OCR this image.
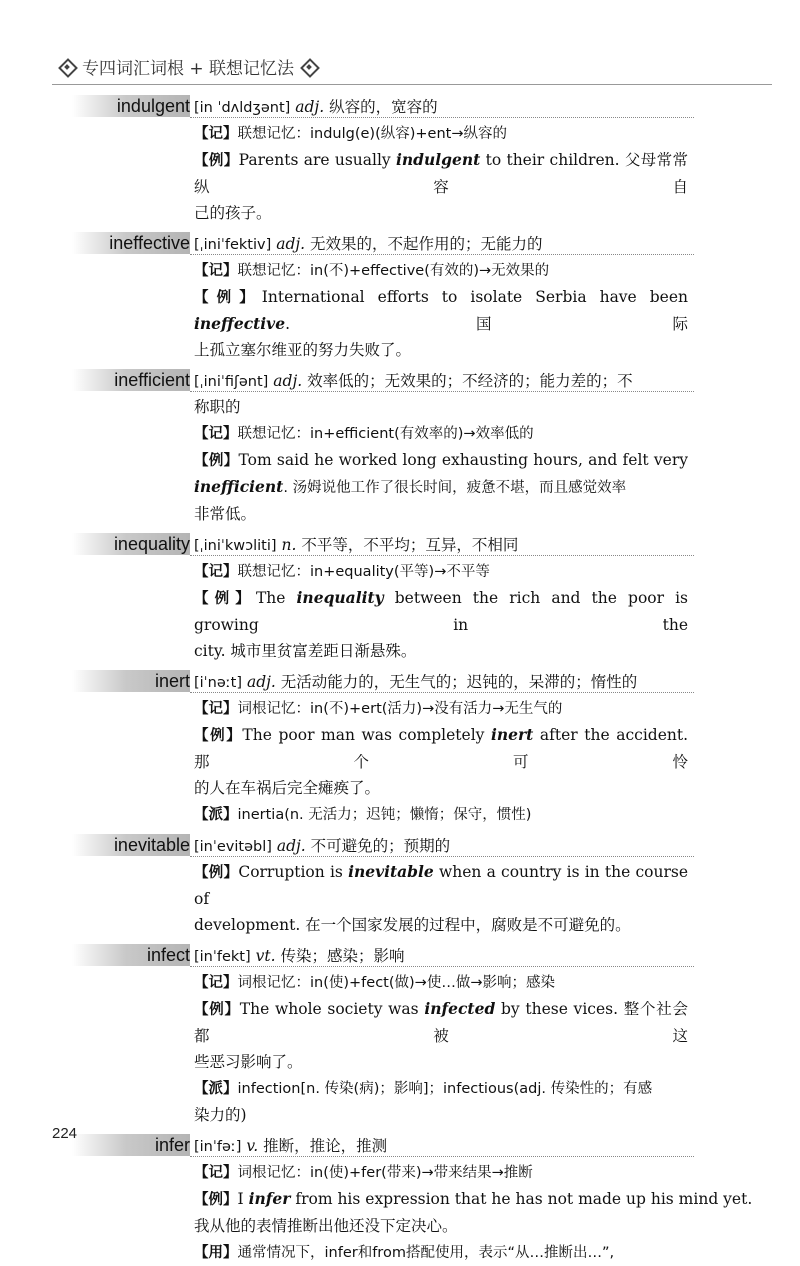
专四词汇词根 + 联想记忆法
indulgent [in ˈdʌldʒənt] adj. 纵容的，宽容的
【记】联想记忆：indulg(e)(纵容)+ent→纵容的
【例】Parents are usually indulgent to their children. 父母常常纵容自
己的孩子。
ineffective [ˌiniˈfektiv] adj. 无效果的，不起作用的；无能力的
【记】联想记忆：in(不)+effective(有效的)→无效果的
【例】International efforts to isolate Serbia have been ineffective. 国际
上孤立塞尔维亚的努力失败了。
inefficient [ˌiniˈfiʃənt] adj. 效率低的；无效果的；不经济的；能力差的；不
称职的
【记】联想记忆：in+efficient(有效率的)→效率低的
【例】Tom said he worked long exhausting hours, and felt very
inefficient. 汤姆说他工作了很长时间，疲惫不堪，而且感觉效率
非常低。
inequality [ˌiniˈkwɔliti] n. 不平等，不平均；互异，不相同
【记】联想记忆：in+equality(平等)→不平等
【例】The inequality between the rich and the poor is growing in the
city. 城市里贫富差距日渐悬殊。
inert [iˈnəːt] adj. 无活动能力的，无生气的；迟钝的，呆滞的；惰性的
【记】词根记忆：in(不)+ert(活力)→没有活力→无生气的
【例】The poor man was completely inert after the accident. 那个可怜
的人在车祸后完全瘫痪了。
【派】inertia(n. 无活力；迟钝；懒惰；保守，惯性)
inevitable [inˈevitəbl] adj. 不可避免的；预期的
【例】Corruption is inevitable when a country is in the course of
development. 在一个国家发展的过程中，腐败是不可避免的。
infect [inˈfekt] vt. 传染；感染；影响
【记】词根记忆：in(使)+fect(做)→使…做→影响；感染
【例】The whole society was infected by these vices. 整个社会都被这
些恶习影响了。
【派】infection[n. 传染(病)；影响]；infectious(adj. 传染性的；有感
染力的)
infer [inˈfəː] v. 推断，推论，推测
【记】词根记忆：in(使)+fer(带来)→带来结果→推断
【例】I infer from his expression that he has not made up his mind yet.
我从他的表情推断出他还没下定决心。
【用】通常情况下，infer和from搭配使用，表示“从…推断出…”,
224
